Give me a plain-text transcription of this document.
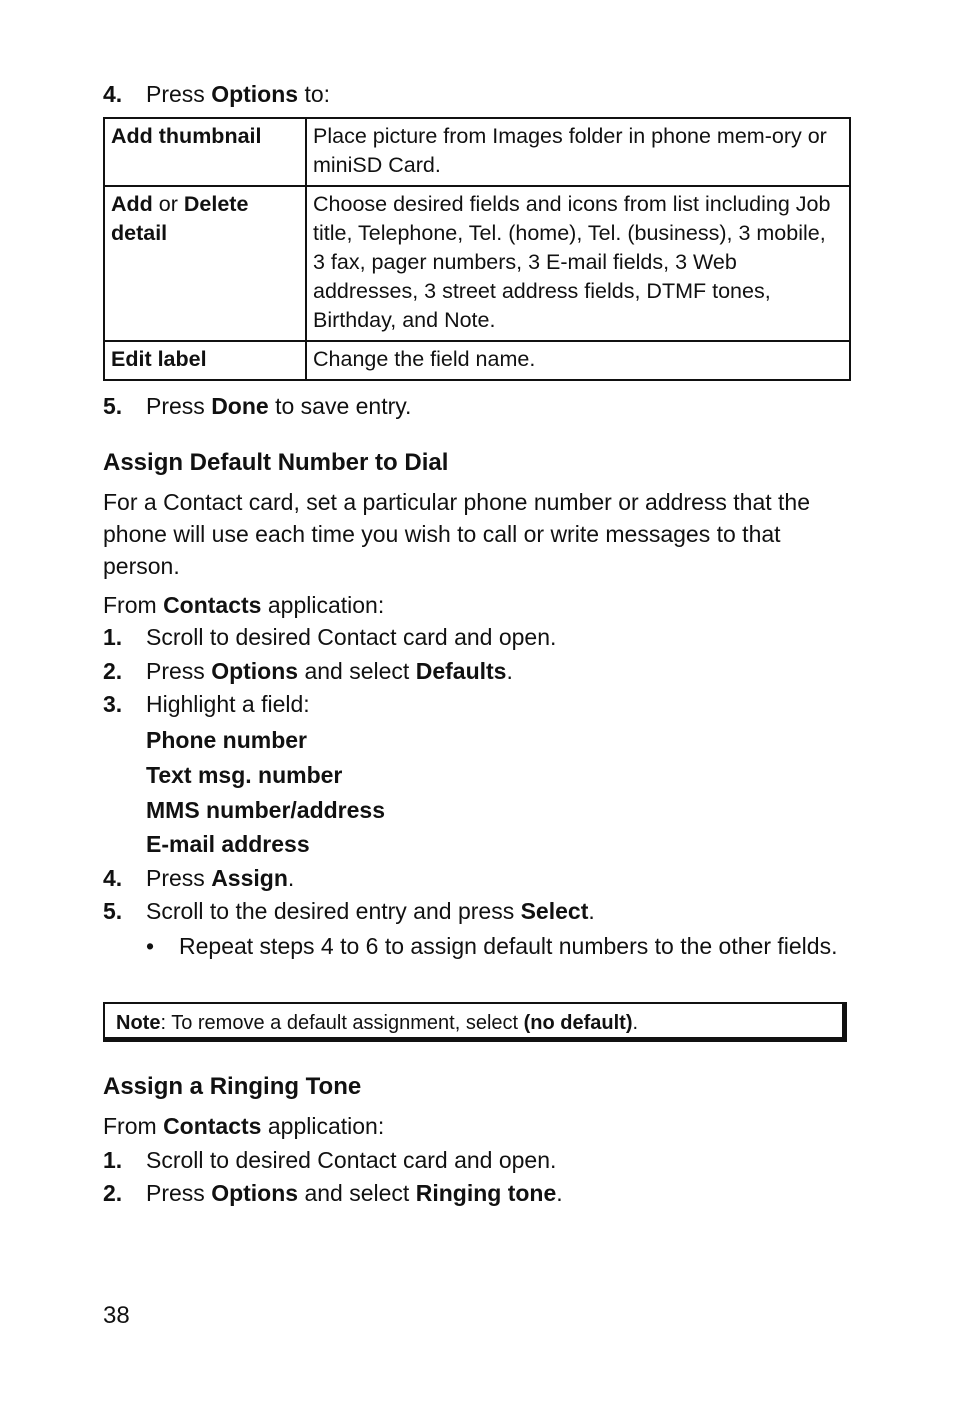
4. Press Options to:
Add thumbnail	Place picture from Images folder in phone mem-ory or miniSD Card.
Add or Delete detail	Choose desired fields and icons from list including Job title, Telephone, Tel. (home), Tel. (business), 3 mobile, 3 fax, pager numbers, 3 E-mail fields, 3 Web addresses, 3 street address fields, DTMF tones, Birthday, and Note.
Edit label	Change the field name.
5. Press Done to save entry.
Assign Default Number to Dial
For a Contact card, set a particular phone number or address that the phone will use each time you wish to call or write messages to that person.
From Contacts application:
1. Scroll to desired Contact card and open.
2. Press Options and select Defaults.
3. Highlight a field:
Phone number
Text msg. number
MMS number/address
E-mail address
4. Press Assign.
5. Scroll to the desired entry and press Select.
• Repeat steps 4 to 6 to assign default numbers to the other fields.
Note: To remove a default assignment, select (no default).
Assign a Ringing Tone
From Contacts application:
1. Scroll to desired Contact card and open.
2. Press Options and select Ringing tone.
38
